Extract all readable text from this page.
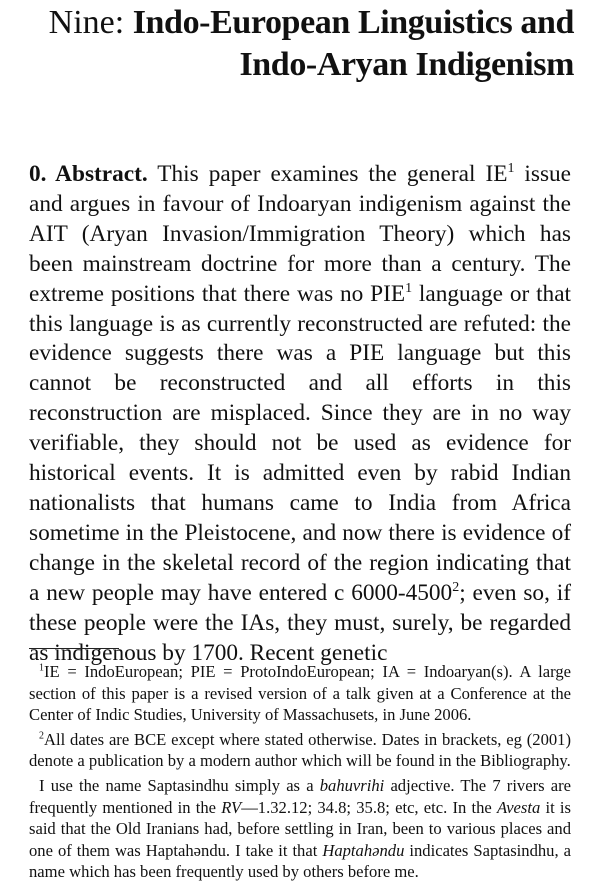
Nine: Indo-European Linguistics and
Indo-Aryan Indigenism

0. Abstract. This paper examines the general $IE^1$ issue and argues in favour of Indoaryan indigenism against the AIT (Aryan Invasion/Immigration Theory) which has been mainstream doctrine for more than a century. The extreme positions that there was no PIE$^1$ language or that this language is as currently reconstructed are refuted: the evidence suggests there was a PIE language but this cannot be reconstructed and all efforts in this reconstruction are misplaced. Since they are in no way verifiable, they should not be used as evidence for historical events. It is admitted even by rabid Indian nationalists that humans came to India from Africa sometime in the Pleistocene, and now there is evidence of change in the skeletal record of the region indicating that a new people may have entered c 6000-4500$^2$; even so, if these people were the IAs, they must, surely, be regarded as indigenous by 1700. Recent genetic

$^1$IE = IndoEuropean; PIE = ProtoIndoEuropean; IA = Indoaryan(s). A large section of this paper is a revised version of a talk given at a Conference at the Center of Indic Studies, University of Massachusets, in June 2006.

$^2$All dates are BCE except where stated otherwise. Dates in brackets, eg (2001) denote a publication by a modern author which will be found in the Bibliography.

I use the name Saptasindhu simply as a bahuvrihi adjective. The 7 rivers are frequently mentioned in the RV—1.32.12; 34.8; 35.8; etc, etc. In the Avesta it is said that the Old Iranians had, before settling in Iran, been to various places and one of them was Haptahǝndu. I take it that Haptahǝndu indicates Saptasindhu, a name which has been frequently used by others before me.
